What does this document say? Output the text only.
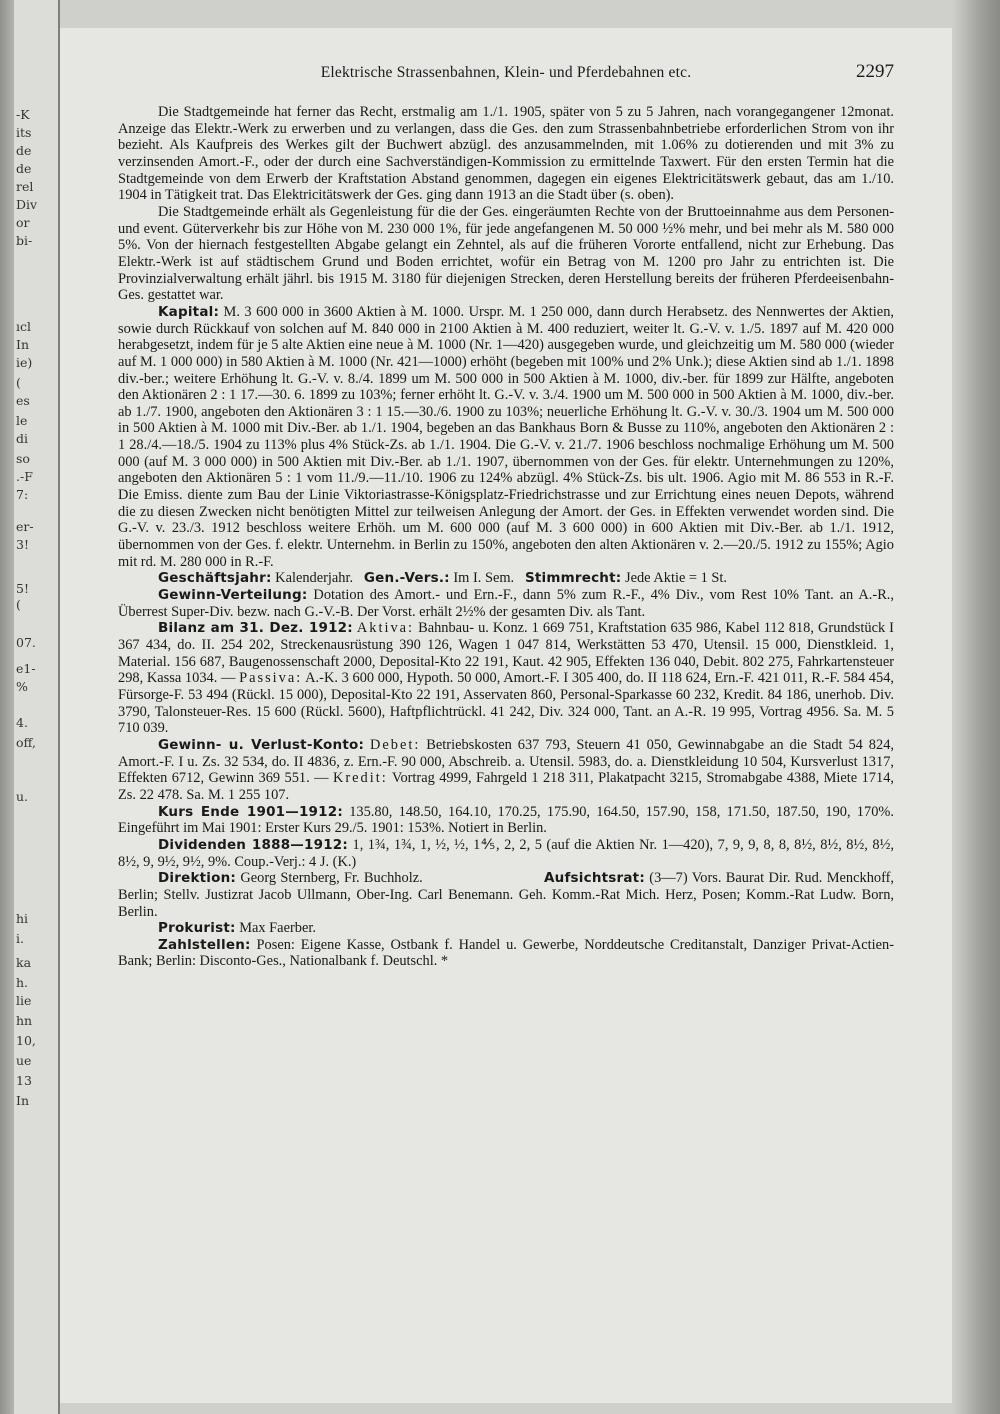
-K
its
de
de
rel
Div
or
bi-
ıcl
In
ie)
(
es
le
di
so
.-F
7:
er-
3!
5!
(
07.
e1-
%
4.
off,
u.
hi
i.
ka
h.
lie
hn
10,
ue
13
In
Elektrische Strassenbahnen, Klein- und Pferdebahnen etc.	2297

Die Stadtgemeinde hat ferner das Recht, erstmalig am 1./1. 1905, später von 5 zu 5 Jahren, nach vorangegangener 12monat. Anzeige das Elektr.-Werk zu erwerben und zu verlangen, dass die Ges. den zum Strassenbahnbetriebe erforderlichen Strom von ihr bezieht. Als Kaufpreis des Werkes gilt der Buchwert abzügl. des anzusammelnden, mit 1.06% zu dotierenden und mit 3% zu verzinsenden Amort.-F., oder der durch eine Sachverständigen-Kommission zu ermittelnde Taxwert. Für den ersten Termin hat die Stadtgemeinde von dem Erwerb der Kraftstation Abstand genommen, dagegen ein eigenes Elektricitätswerk gebaut, das am 1./10. 1904 in Tätigkeit trat. Das Elektricitätswerk der Ges. ging dann 1913 an die Stadt über (s. oben).

Die Stadtgemeinde erhält als Gegenleistung für die der Ges. eingeräumten Rechte von der Bruttoeinnahme aus dem Personen- und event. Güterverkehr bis zur Höhe von M. 230 000 1%, für jede angefangenen M. 50 000 ½% mehr, und bei mehr als M. 580 000 5%. Von der hiernach festgestellten Abgabe gelangt ein Zehntel, als auf die früheren Vororte entfallend, nicht zur Erhebung. Das Elektr.-Werk ist auf städtischem Grund und Boden errichtet, wofür ein Betrag von M. 1200 pro Jahr zu entrichten ist. Die Provinzialverwaltung erhält jährl. bis 1915 M. 3180 für diejenigen Strecken, deren Herstellung bereits der früheren Pferdeeisenbahn-Ges. gestattet war.

Kapital: M. 3 600 000 in 3600 Aktien à M. 1000. Urspr. M. 1 250 000, dann durch Herabsetz. des Nennwertes der Aktien, sowie durch Rückkauf von solchen auf M. 840 000 in 2100 Aktien à M. 400 reduziert, weiter lt. G.-V. v. 1./5. 1897 auf M. 420 000 herabgesetzt, indem für je 5 alte Aktien eine neue à M. 1000 (Nr. 1—420) ausgegeben wurde, und gleichzeitig um M. 580 000 (wieder auf M. 1 000 000) in 580 Aktien à M. 1000 (Nr. 421—1000) erhöht (begeben mit 100% und 2% Unk.); diese Aktien sind ab 1./1. 1898 div.-ber.; weitere Erhöhung lt. G.-V. v. 8./4. 1899 um M. 500 000 in 500 Aktien à M. 1000, div.-ber. für 1899 zur Hälfte, angeboten den Aktionären 2 : 1 17.—30. 6. 1899 zu 103%; ferner erhöht lt. G.-V. v. 3./4. 1900 um M. 500 000 in 500 Aktien à M. 1000, div.-ber. ab 1./7. 1900, angeboten den Aktionären 3 : 1 15.—30./6. 1900 zu 103%; neuerliche Erhöhung lt. G.-V. v. 30./3. 1904 um M. 500 000 in 500 Aktien à M. 1000 mit Div.-Ber. ab 1./1. 1904, begeben an das Bankhaus Born & Busse zu 110%, angeboten den Aktionären 2 : 1 28./4.—18./5. 1904 zu 113% plus 4% Stück-Zs. ab 1./1. 1904. Die G.-V. v. 21./7. 1906 beschloss nochmalige Erhöhung um M. 500 000 (auf M. 3 000 000) in 500 Aktien mit Div.-Ber. ab 1./1. 1907, übernommen von der Ges. für elektr. Unternehmungen zu 120%, angeboten den Aktionären 5 : 1 vom 11./9.—11./10. 1906 zu 124% abzügl. 4% Stück-Zs. bis ult. 1906. Agio mit M. 86 553 in R.-F. Die Emiss. diente zum Bau der Linie Viktoriastrasse-Königsplatz-Friedrichstrasse und zur Errichtung eines neuen Depots, während die zu diesen Zwecken nicht benötigten Mittel zur teilweisen Anlegung der Amort. der Ges. in Effekten verwendet worden sind. Die G.-V. v. 23./3. 1912 beschloss weitere Erhöh. um M. 600 000 (auf M. 3 600 000) in 600 Aktien mit Div.-Ber. ab 1./1. 1912, übernommen von der Ges. f. elektr. Unternehm. in Berlin zu 150%, angeboten den alten Aktionären v. 2.—20./5. 1912 zu 155%; Agio mit rd. M. 280 000 in R.-F.

Geschäftsjahr: Kalenderjahr. Gen.-Vers.: Im I. Sem. Stimmrecht: Jede Aktie = 1 St.

Gewinn-Verteilung: Dotation des Amort.- und Ern.-F., dann 5% zum R.-F., 4% Div., vom Rest 10% Tant. an A.-R., Überrest Super-Div. bezw. nach G.-V.-B. Der Vorst. erhält 2½% der gesamten Div. als Tant.

Bilanz am 31. Dez. 1912: Aktiva: Bahnbau- u. Konz. 1 669 751, Kraftstation 635 986, Kabel 112 818, Grundstück I 367 434, do. II. 254 202, Streckenausrüstung 390 126, Wagen 1 047 814, Werkstätten 53 470, Utensil. 15 000, Dienstkleid. 1, Material. 156 687, Baugenossenschaft 2000, Deposital-Kto 22 191, Kaut. 42 905, Effekten 136 040, Debit. 802 275, Fahrkartensteuer 298, Kassa 1034. — Passiva: A.-K. 3 600 000, Hypoth. 50 000, Amort.-F. I 305 400, do. II 118 624, Ern.-F. 421 011, R.-F. 584 454, Fürsorge-F. 53 494 (Rückl. 15 000), Deposital-Kto 22 191, Asservaten 860, Personal-Sparkasse 60 232, Kredit. 84 186, unerhob. Div. 3790, Talonsteuer-Res. 15 600 (Rückl. 5600), Haftpflichtrückl. 41 242, Div. 324 000, Tant. an A.-R. 19 995, Vortrag 4956. Sa. M. 5 710 039.

Gewinn- u. Verlust-Konto: Debet: Betriebskosten 637 793, Steuern 41 050, Gewinnabgabe an die Stadt 54 824, Amort.-F. I u. Zs. 32 534, do. II 4836, z. Ern.-F. 90 000, Abschreib. a. Utensil. 5983, do. a. Dienstkleidung 10 504, Kursverlust 1317, Effekten 6712, Gewinn 369 551. — Kredit: Vortrag 4999, Fahrgeld 1 218 311, Plakatpacht 3215, Stromabgabe 4388, Miete 1714, Zs. 22 478. Sa. M. 1 255 107.

Kurs Ende 1901—1912: 135.80, 148.50, 164.10, 170.25, 175.90, 164.50, 157.90, 158, 171.50, 187.50, 190, 170%. Eingeführt im Mai 1901: Erster Kurs 29./5. 1901: 153%. Notiert in Berlin.

Dividenden 1888—1912: 1, 1¾, 1¾, 1, ½, ½, 1⅘, 2, 2, 5 (auf die Aktien Nr. 1—420), 7, 9, 9, 8, 8, 8½, 8½, 8½, 8½, 8½, 9, 9½, 9½, 9%. Coup.-Verj.: 4 J. (K.)

Direktion: Georg Sternberg, Fr. Buchholz.	Aufsichtsrat: (3—7) Vors. Baurat Dir. Rud. Menckhoff, Berlin; Stellv. Justizrat Jacob Ullmann, Ober-Ing. Carl Benemann. Geh. Komm.-Rat Mich. Herz, Posen; Komm.-Rat Ludw. Born, Berlin.

Prokurist: Max Faerber.

Zahlstellen: Posen: Eigene Kasse, Ostbank f. Handel u. Gewerbe, Norddeutsche Creditanstalt, Danziger Privat-Actien-Bank; Berlin: Disconto-Ges., Nationalbank f. Deutschl. *
